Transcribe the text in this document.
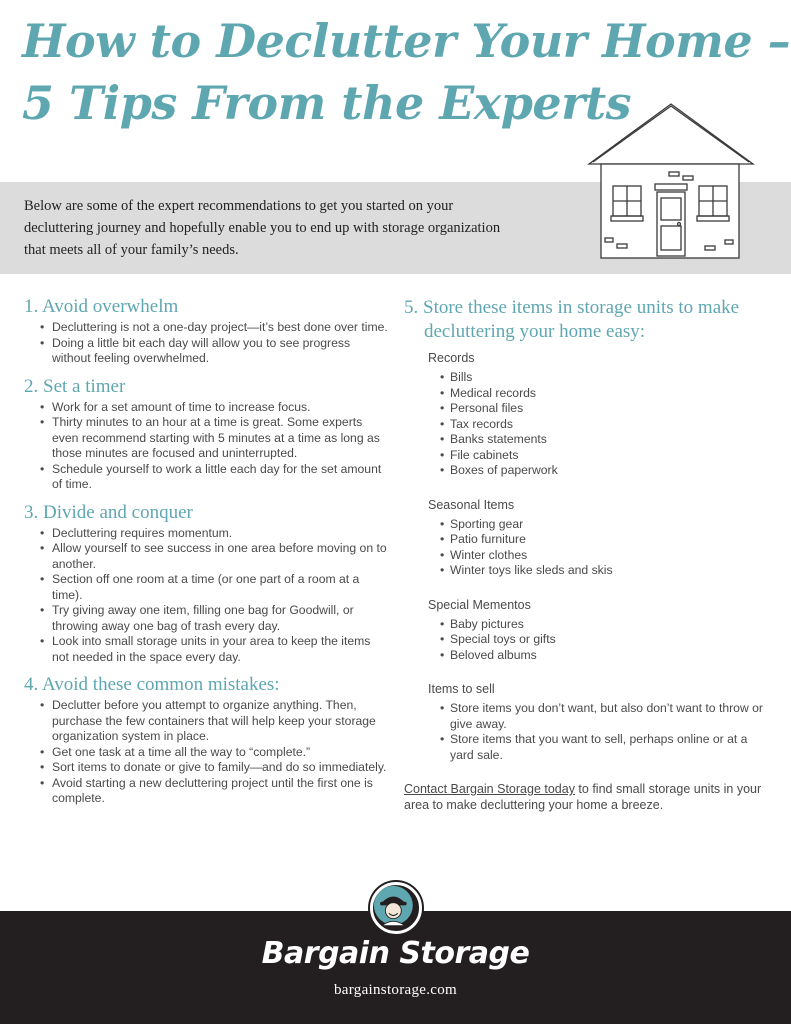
How to Declutter Your Home –
5 Tips From the Experts
Below are some of the expert recommendations to get you started on your decluttering journey and hopefully enable you to end up with storage organization that meets all of your family’s needs.
1. Avoid overwhelm
• Decluttering is not a one-day project—it’s best done over time.
• Doing a little bit each day will allow you to see progress without feeling overwhelmed.
2. Set a timer
• Work for a set amount of time to increase focus.
• Thirty minutes to an hour at a time is great. Some experts even recommend starting with 5 minutes at a time as long as those minutes are focused and uninterrupted.
• Schedule yourself to work a little each day for the set amount of time.
3. Divide and conquer
• Decluttering requires momentum.
• Allow yourself to see success in one area before moving on to another.
• Section off one room at a time (or one part of a room at a time).
• Try giving away one item, filling one bag for Goodwill, or throwing away one bag of trash every day.
• Look into small storage units in your area to keep the items not needed in the space every day.
4. Avoid these common mistakes:
• Declutter before you attempt to organize anything. Then, purchase the few containers that will help keep your storage organization system in place.
• Get one task at a time all the way to “complete.”
• Sort items to donate or give to family—and do so immediately.
• Avoid starting a new decluttering project until the first one is complete.
5. Store these items in storage units to make decluttering your home easy:
Records
• Bills
• Medical records
• Personal files
• Tax records
• Banks statements
• File cabinets
• Boxes of paperwork
Seasonal Items
• Sporting gear
• Patio furniture
• Winter clothes
• Winter toys like sleds and skis
Special Mementos
• Baby pictures
• Special toys or gifts
• Beloved albums
Items to sell
• Store items you don’t want, but also don’t want to throw or give away.
• Store items that you want to sell, perhaps online or at a yard sale.
Contact Bargain Storage today to find small storage units in your area to make decluttering your home a breeze.
Bargain Storage
bargainstorage.com
